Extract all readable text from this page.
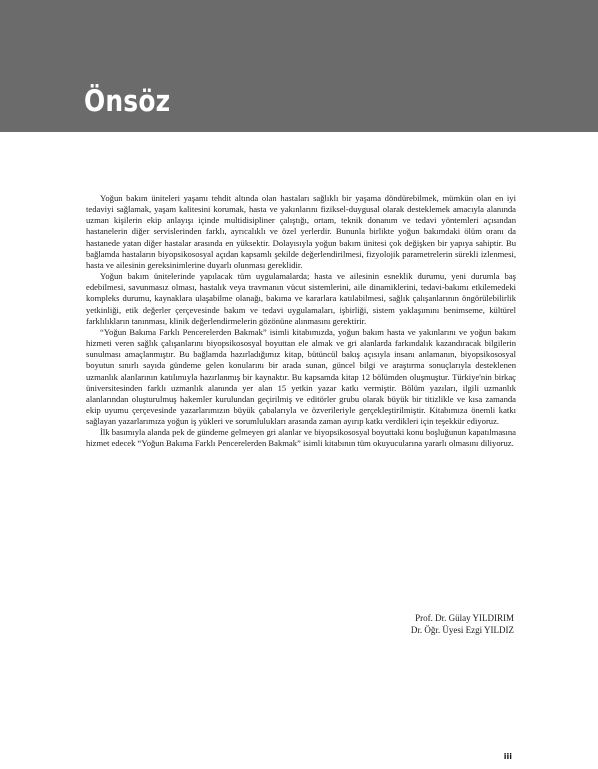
Önsöz

Yoğun bakım üniteleri yaşamı tehdit altında olan hastaları sağlıklı bir yaşama döndürebilmek, mümkün olan en iyi tedaviyi sağlamak, yaşam kalitesini korumak, hasta ve yakınlarını fiziksel-duygusal olarak desteklemek amacıyla alanında uzman kişilerin ekip anlayışı içinde multidisipliner çalıştığı, ortam, teknik donanım ve tedavi yöntemleri açısından hastanelerin diğer servislerinden farklı, ayrıcalıklı ve özel yerlerdir. Bununla birlikte yoğun bakımdaki ölüm oranı da hastanede yatan diğer hastalar arasında en yüksektir. Dolayısıyla yoğun bakım ünitesi çok değişken bir yapıya sahiptir. Bu bağlamda hastaların biyopsikososyal açıdan kapsamlı şekilde değerlendirilmesi, fizyolojik parametrelerin sürekli izlenmesi, hasta ve ailesinin gereksinimlerine duyarlı olunması gereklidir.

Yoğun bakım ünitelerinde yapılacak tüm uygulamalarda; hasta ve ailesinin esneklik durumu, yeni durumla baş edebilmesi, savunmasız olması, hastalık veya travmanın vücut sistemlerini, aile dinamiklerini, tedavi-bakımı etkilemedeki kompleks durumu, kaynaklara ulaşabilme olanağı, bakıma ve kararlara katılabilmesi, sağlık çalışanlarının öngörülebilirlik yetkinliği, etik değerler çerçevesinde bakım ve tedavi uygulamaları, işbirliği, sistem yaklaşımını benimseme, kültürel farklılıkların tanınması, klinik değerlendirmelerin gözönüne alınmasını gerektirir.

“Yoğun Bakıma Farklı Pencerelerden Bakmak” isimli kitabımızda, yoğun bakım hasta ve yakınlarını ve yoğun bakım hizmeti veren sağlık çalışanlarını biyopsikososyal boyuttan ele almak ve gri alanlarda farkındalık kazandıracak bilgilerin sunulması amaçlanmıştır. Bu bağlamda hazırladığımız kitap, bütüncül bakış açısıyla insanı anlamanın, biyopsikososyal boyutun sınırlı sayıda gündeme gelen konularını bir arada sunan, güncel bilgi ve araştırma sonuçlarıyla desteklenen uzmanlık alanlarının katılımıyla hazırlanmış bir kaynaktır. Bu kapsamda kitap 12 bölümden oluşmuştur. Türkiye'nin birkaç üniversitesinden farklı uzmanlık alanında yer alan 15 yetkin yazar katkı vermiştir. Bölüm yazıları, ilgili uzmanlık alanlarından oluşturulmuş hakemler kurulundan geçirilmiş ve editörler grubu olarak büyük bir titizlikle ve kısa zamanda ekip uyumu çerçevesinde yazarlarımızın büyük çabalarıyla ve özverileriyle gerçekleştirilmiştir. Kitabımıza önemli katkı sağlayan yazarlarımıza yoğun iş yükleri ve sorumlulukları arasında zaman ayırıp katkı verdikleri için teşekkür ediyoruz.

İlk basımıyla alanda pek de gündeme gelmeyen gri alanlar ve biyopsikososyal boyuttaki konu boşluğunun kapatılmasına hizmet edecek “Yoğun Bakıma Farklı Pencerelerden Bakmak” isimli kitabının tüm okuyucularına yararlı olmasını diliyoruz.

Prof. Dr. Gülay YILDIRIM
Dr. Öğr. Üyesi Ezgi YILDIZ
iii
